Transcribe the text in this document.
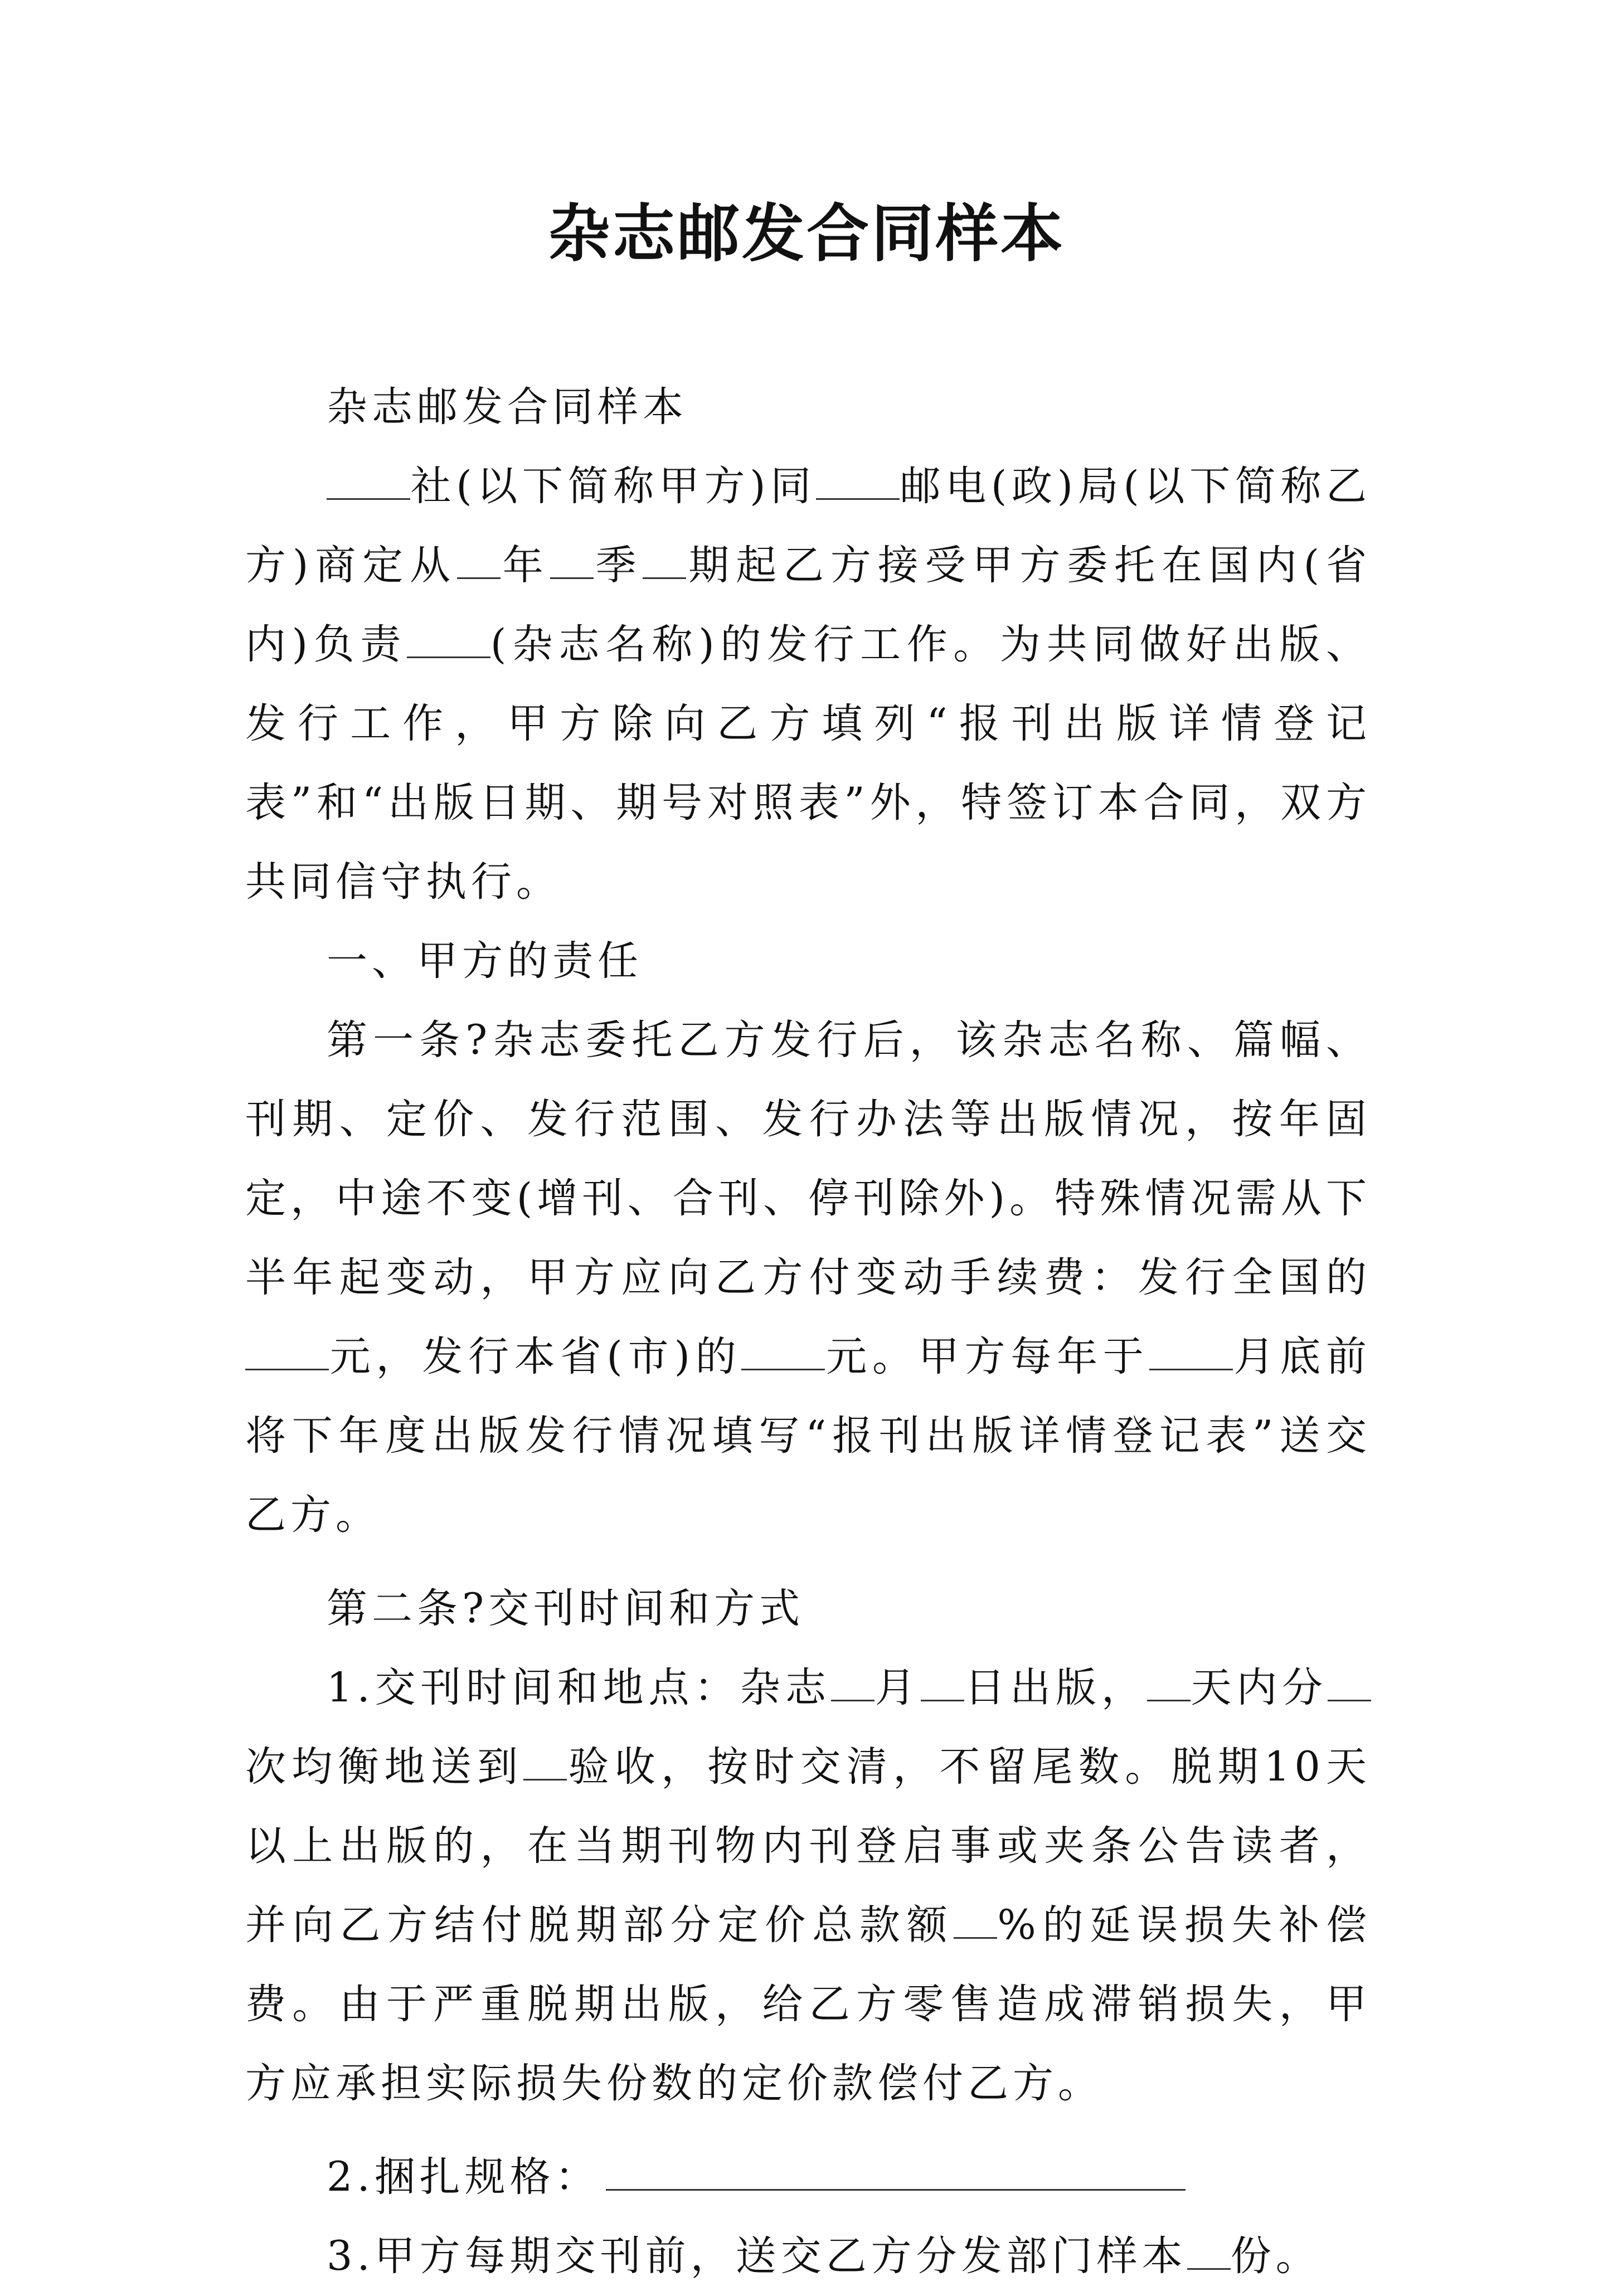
杂志邮发合同样本

杂志邮发合同样本

社(以下简称甲方)同 邮电(政)局(以下简称乙方)商定从 年 季 期起乙方接受甲方委托在国内(省内)负责 (杂志名称)的发行工作。为共同做好出版、发行工作，甲方除向乙方填列“报刊出版详情登记表”和“出版日期、期号对照表”外，特签订本合同，双方共同信守执行。

一、甲方的责任

第一条?杂志委托乙方发行后，该杂志名称、篇幅、刊期、定价、发行范围、发行办法等出版情况，按年固定，中途不变(增刊、合刊、停刊除外)。特殊情况需从下半年起变动，甲方应向乙方付变动手续费：发行全国的元，发行本省(市)的 元。甲方每年于 月底前将下年度出版发行情况填写“报刊出版详情登记表”送交乙方。

第二条?交刊时间和方式

1.交刊时间和地点：杂志 月 日出版， 天内分次均衡地送到 验收，按时交清，不留尾数。脱期10天以上出版的，在当期刊物内刊登启事或夹条公告读者，并向乙方结付脱期部分定价总款额 %的延误损失补偿费。由于严重脱期出版，给乙方零售造成滞销损失，甲方应承担实际损失份数的定价款偿付乙方。

2.捆扎规格：

3.甲方每期交刊前，送交乙方分发部门样本 份。
